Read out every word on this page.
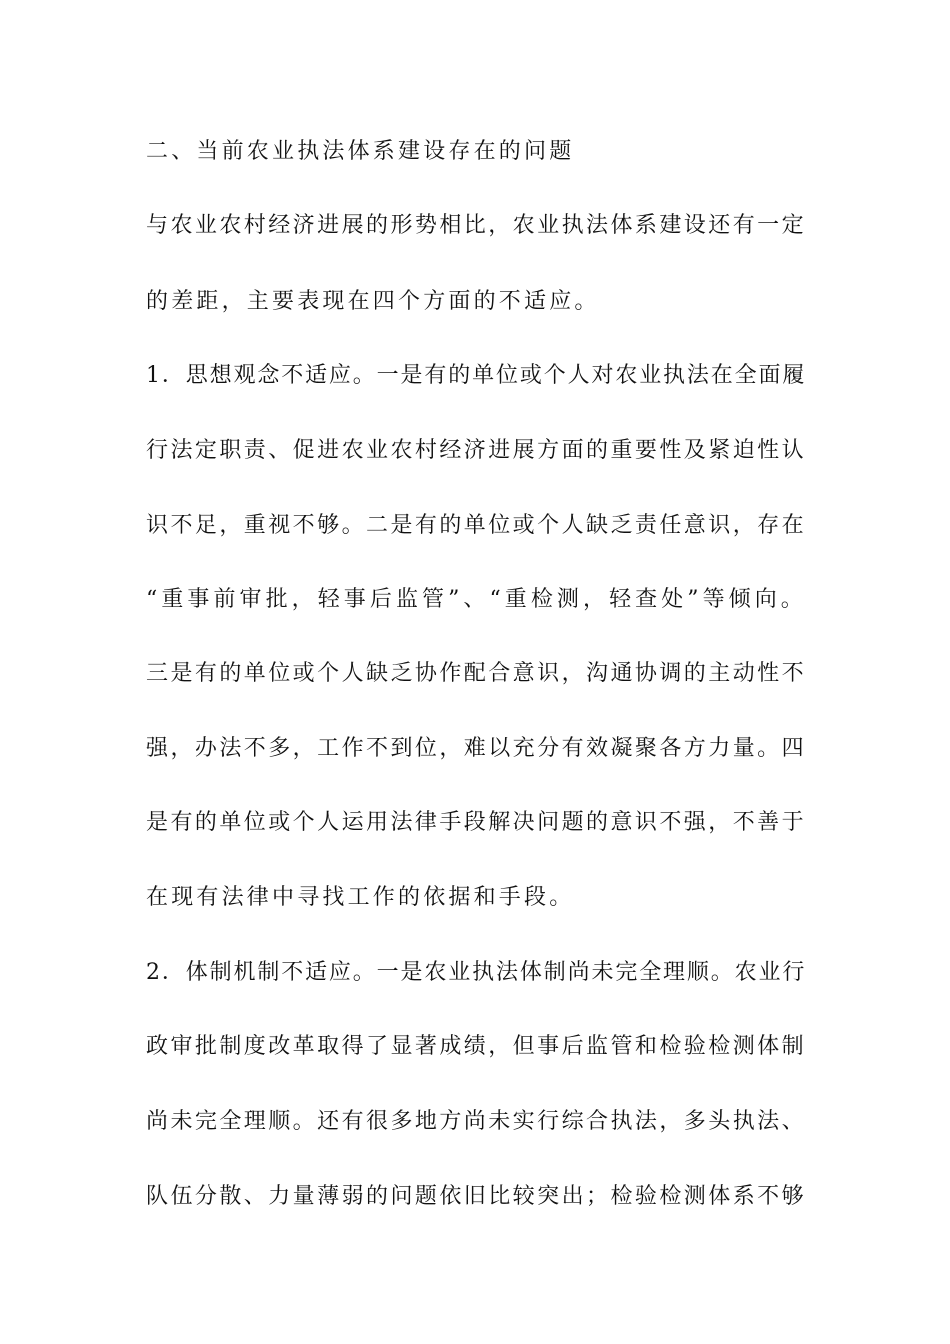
二、当前农业执法体系建设存在的问题
与农业农村经济进展的形势相比，农业执法体系建设还有一定
的差距，主要表现在四个方面的不适应。
1．思想观念不适应。一是有的单位或个人对农业执法在全面履
行法定职责、促进农业农村经济进展方面的重要性及紧迫性认
识不足，重视不够。二是有的单位或个人缺乏责任意识，存在
“重事前审批，轻事后监管”、“重检测，轻查处”等倾向。
三是有的单位或个人缺乏协作配合意识，沟通协调的主动性不
强，办法不多，工作不到位，难以充分有效凝聚各方力量。四
是有的单位或个人运用法律手段解决问题的意识不强，不善于
在现有法律中寻找工作的依据和手段。
2．体制机制不适应。一是农业执法体制尚未完全理顺。农业行
政审批制度改革取得了显著成绩，但事后监管和检验检测体制
尚未完全理顺。还有很多地方尚未实行综合执法，多头执法、
队伍分散、力量薄弱的问题依旧比较突出；检验检测体系不够
